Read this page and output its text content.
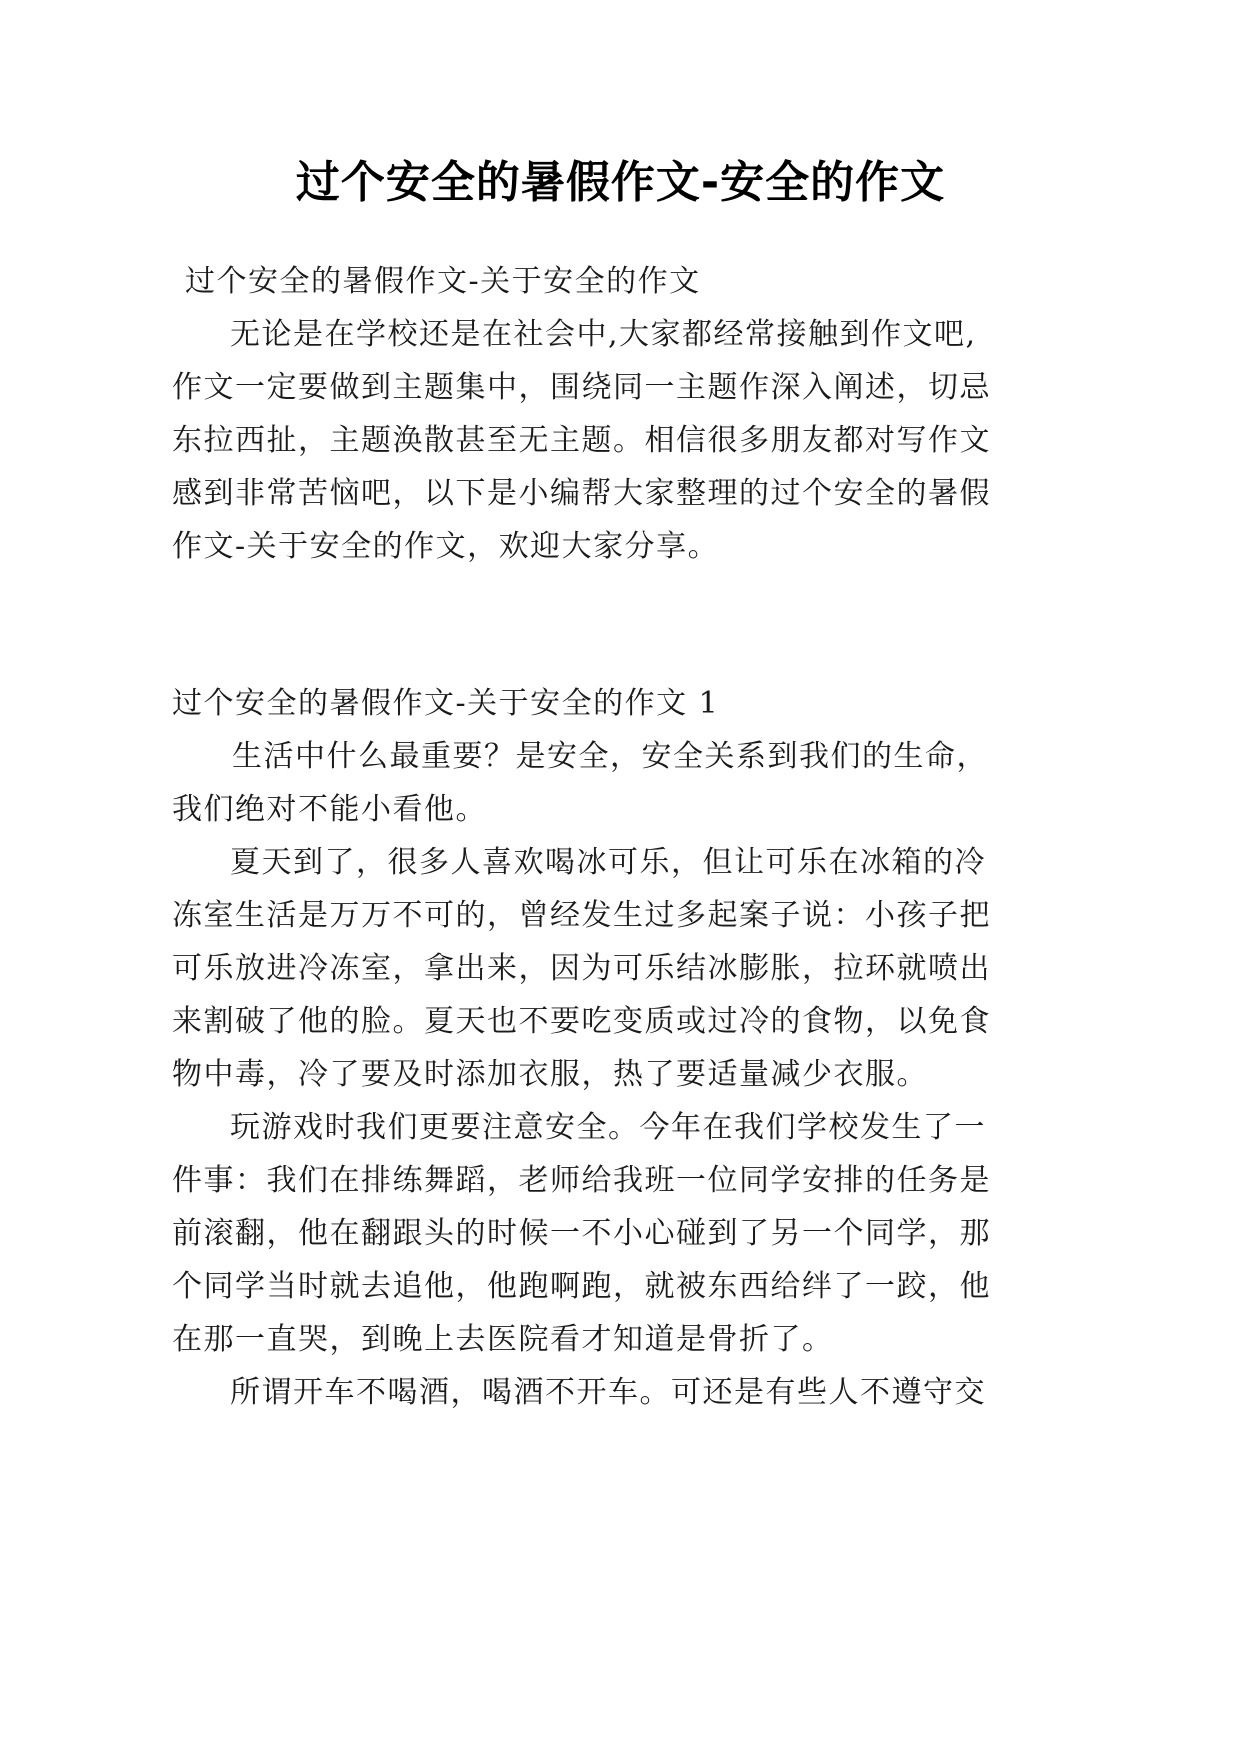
过个安全的暑假作文-安全的作文
过个安全的暑假作文-关于安全的作文
无论是在学校还是在社会中,大家都经常接触到作文吧,
作文一定要做到主题集中，围绕同一主题作深入阐述，切忌
东拉西扯，主题涣散甚至无主题。相信很多朋友都对写作文
感到非常苦恼吧，以下是小编帮大家整理的过个安全的暑假
作文-关于安全的作文，欢迎大家分享。
过个安全的暑假作文-关于安全的作文 1
生活中什么最重要？是安全，安全关系到我们的生命，
我们绝对不能小看他。
夏天到了，很多人喜欢喝冰可乐，但让可乐在冰箱的冷
冻室生活是万万不可的，曾经发生过多起案子说：小孩子把
可乐放进冷冻室，拿出来，因为可乐结冰膨胀，拉环就喷出
来割破了他的脸。夏天也不要吃变质或过冷的食物，以免食
物中毒，冷了要及时添加衣服，热了要适量减少衣服。
玩游戏时我们更要注意安全。今年在我们学校发生了一
件事：我们在排练舞蹈，老师给我班一位同学安排的任务是
前滚翻，他在翻跟头的时候一不小心碰到了另一个同学，那
个同学当时就去追他，他跑啊跑，就被东西给绊了一跤，他
在那一直哭，到晚上去医院看才知道是骨折了。
所谓开车不喝酒，喝酒不开车。可还是有些人不遵守交
